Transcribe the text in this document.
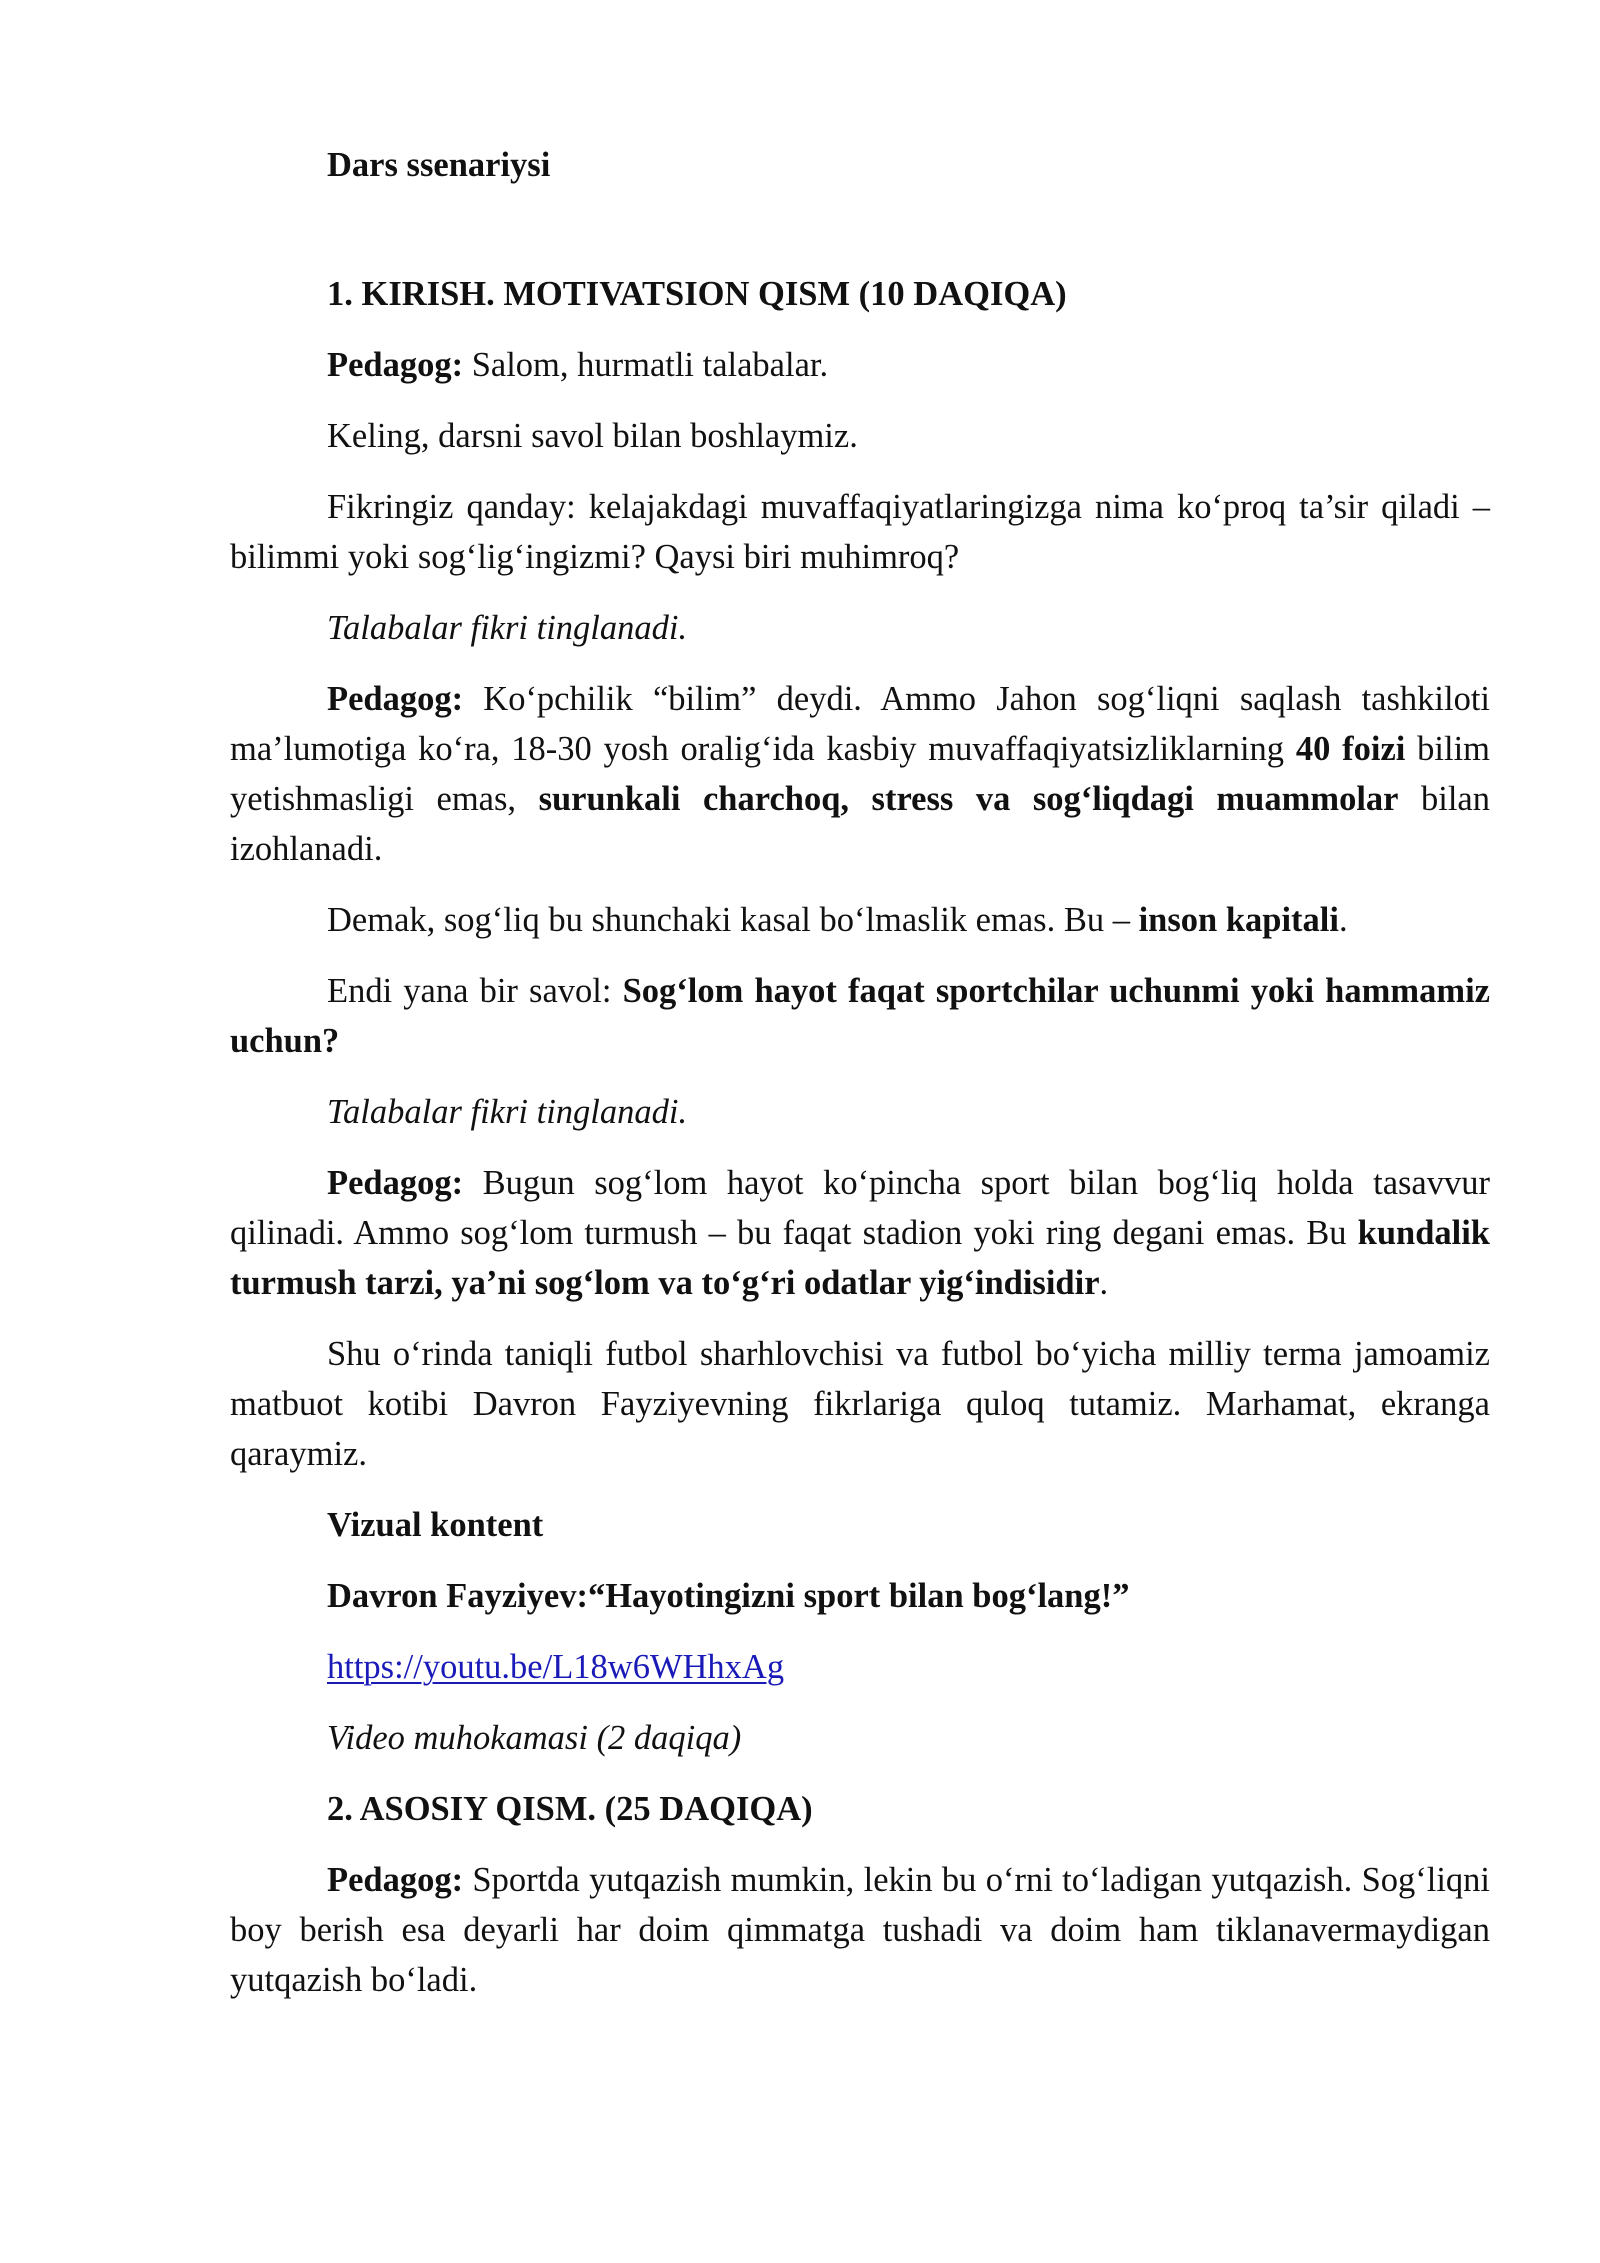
Dars ssenariysi
1. KIRISH. MOTIVATSION QISM (10 DAQIQA)

Pedagog: Salom, hurmatli talabalar.

Keling, darsni savol bilan boshlaymiz.

Fikringiz qanday: kelajakdagi muvaffaqiyatlaringizga nima ko‘proq ta’sir qiladi – bilimmi yoki sog‘lig‘ingizmi? Qaysi biri muhimroq?

Talabalar fikri tinglanadi.

Pedagog: Ko‘pchilik “bilim” deydi. Ammo Jahon sog‘liqni saqlash tashkiloti ma’lumotiga ko‘ra, 18-30 yosh oralig‘ida kasbiy muvaffaqiyatsizliklarning 40 foizi bilim yetishmasligi emas, surunkali charchoq, stress va sog‘liqdagi muammolar bilan izohlanadi.

Demak, sog‘liq bu shunchaki kasal bo‘lmaslik emas. Bu – inson kapitali.

Endi yana bir savol: Sog‘lom hayot faqat sportchilar uchunmi yoki hammamiz uchun?

Talabalar fikri tinglanadi.

Pedagog: Bugun sog‘lom hayot ko‘pincha sport bilan bog‘liq holda tasavvur qilinadi. Ammo sog‘lom turmush – bu faqat stadion yoki ring degani emas. Bu kundalik turmush tarzi, ya’ni sog‘lom va to‘g‘ri odatlar yig‘indisidir.

Shu o‘rinda taniqli futbol sharhlovchisi va futbol bo‘yicha milliy terma jamoamiz matbuot kotibi Davron Fayziyevning fikrlariga quloq tutamiz. Marhamat, ekranga qaraymiz.

Vizual kontent
Davron Fayziyev:“Hayotingizni sport bilan bog‘lang!”
https://youtu.be/L18w6WHhxAg
Video muhokamasi (2 daqiqa)
2. ASOSIY QISM. (25 DAQIQA)

Pedagog: Sportda yutqazish mumkin, lekin bu o‘rni to‘ladigan yutqazish. Sog‘liqni boy berish esa deyarli har doim qimmatga tushadi va doim ham tiklanavermaydigan yutqazish bo‘ladi.
